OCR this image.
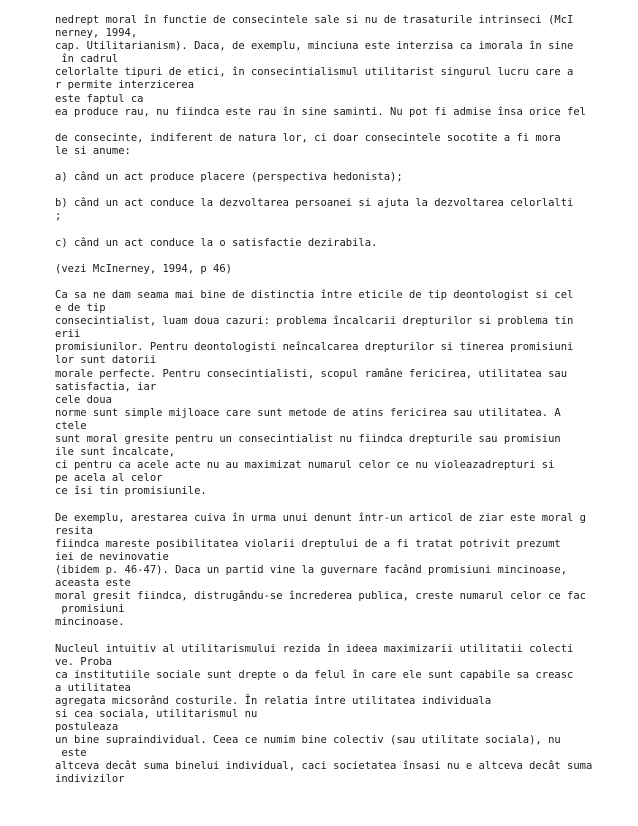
nedrept moral în functie de consecintele sale si nu de trasaturile intrinseci (McI
nerney, 1994,
cap. Utilitarianism). Daca, de exemplu, minciuna este interzisa ca imorala în sine
în cadrul
celorlalte tipuri de etici, în consecintialismul utilitarist singurul lucru care a
r permite interzicerea
este faptul ca
ea produce rau, nu fiindca este rau în sine saminti. Nu pot fi admise însa orice fel
de consecinte, indiferent de natura lor, ci doar consecintele socotite a fi mora
le si anume:
a) când un act produce placere (perspectiva hedonista);
b) când un act conduce la dezvoltarea persoanei si ajuta la dezvoltarea celorlalti
;
c) când un act conduce la o satisfactie dezirabila.
(vezi McInerney, 1994, p 46)
Ca sa ne dam seama mai bine de distinctia între eticile de tip deontologist si cel
e de tip
consecintialist, luam doua cazuri: problema încalcarii drepturilor si problema tin
erii
promisiunilor. Pentru deontologisti neîncalcarea drepturilor si tinerea promisiuni
lor sunt datorii
morale perfecte. Pentru consecintialisti, scopul ramâne fericirea, utilitatea sau
satisfactia, iar
cele doua
norme sunt simple mijloace care sunt metode de atins fericirea sau utilitatea. A
ctele
sunt moral gresite pentru un consecintialist nu fiindca drepturile sau promisiun
ile sunt încalcate,
ci pentru ca acele acte nu au maximizat numarul celor ce nu violeazadrepturi si
pe acela al celor
ce îsi tin promisiunile.
De exemplu, arestarea cuiva în urma unui denunt într-un articol de ziar este moral g
resita
fiindca mareste posibilitatea violarii dreptului de a fi tratat potrivit prezumt
iei de nevinovatie
(ibidem p. 46-47). Daca un partid vine la guvernare facând promisiuni mincinoase,
aceasta este
moral gresit fiindca, distrugându-se încrederea publica, creste numarul celor ce fac
promisiuni
mincinoase.
Nucleul intuitiv al utilitarismului rezida în ideea maximizarii utilitatii colecti
ve. Proba
ca institutiile sociale sunt drepte o da felul în care ele sunt capabile sa creasc
a utilitatea
agregata micsorând costurile. În relatia între utilitatea individuala
si cea sociala, utilitarismul nu
postuleaza
un bine supraindividual. Ceea ce numim bine colectiv (sau utilitate sociala), nu
este
altceva decât suma binelui individual, caci societatea însasi nu e altceva decât suma
indivizilor
